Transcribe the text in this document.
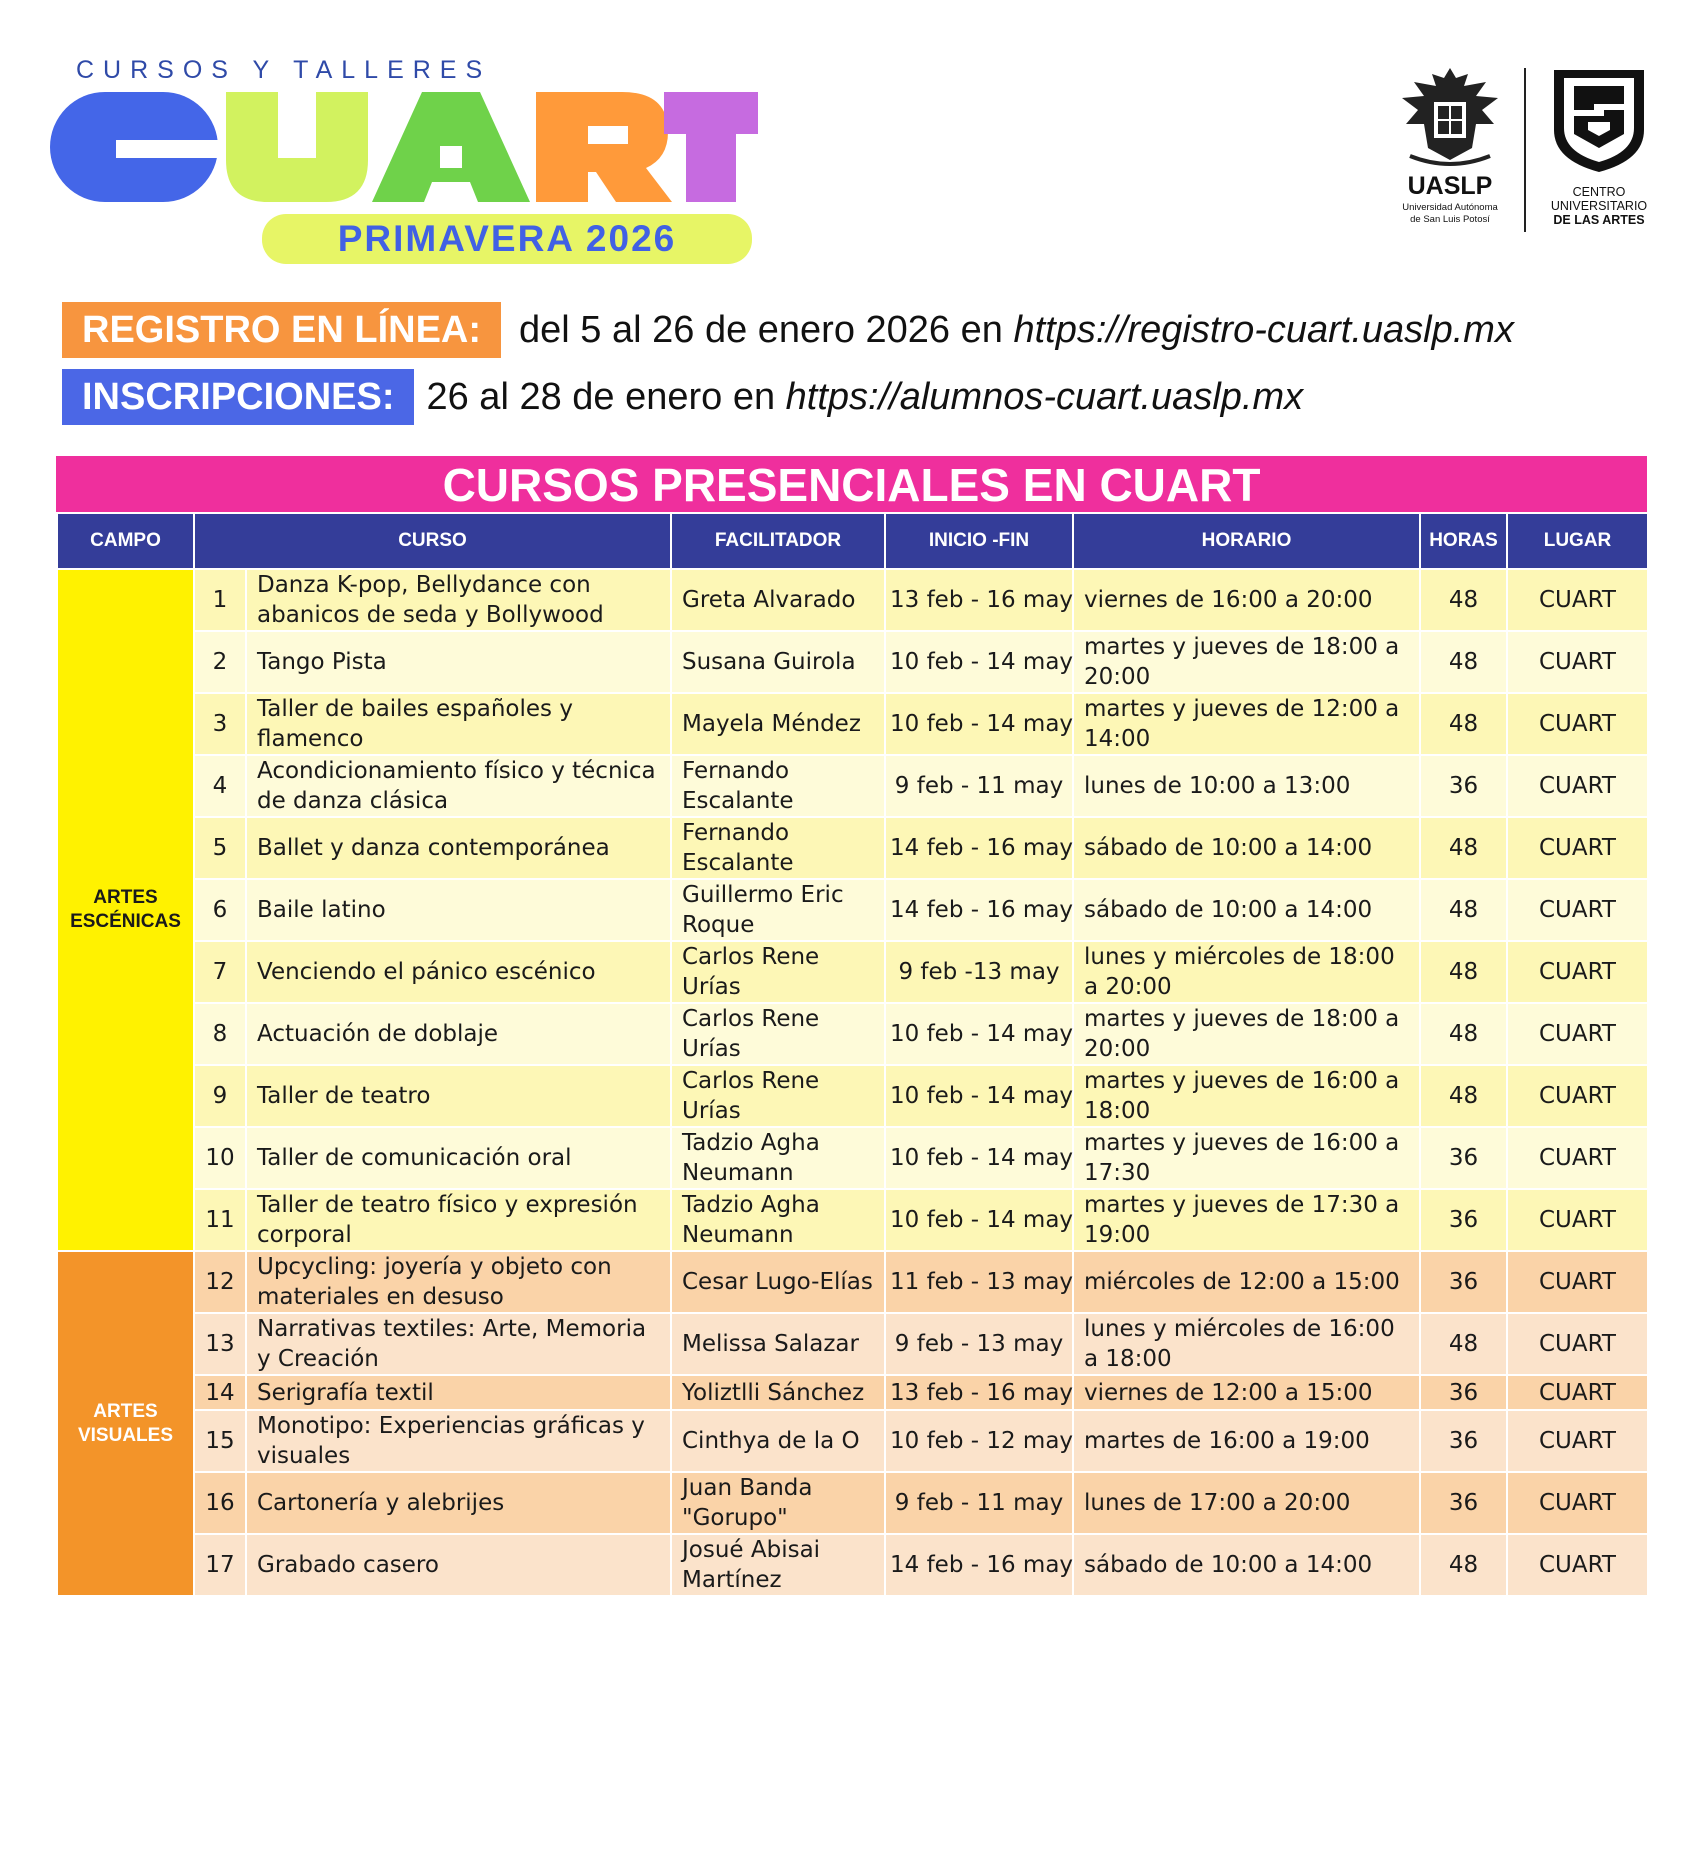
CURSOS Y TALLERES
PRIMAVERA 2026
UASLP
Universidad Autónoma
de San Luis Potosí
CENTRO
UNIVERSITARIO
DE LAS ARTES
REGISTRO EN LÍNEA:	del 5 al 26 de enero 2026 en https://registro-cuart.uaslp.mx
INSCRIPCIONES: 26 al 28 de enero en https://alumnos-cuart.uaslp.mx
CURSOS PRESENCIALES EN CUART
CAMPO	CURSO		FACILITADOR	INICIO -FIN	HORARIO	HORAS	LUGAR

ARTES
ESCÉNICAS	1	Danza K-pop, Bellydance con abanicos de seda y Bollywood	Greta Alvarado	13 feb - 16 may	viernes de 16:00 a 20:00	48	CUART
	2	Tango Pista	Susana Guirola	10 feb - 14 may	martes y jueves de 18:00 a 20:00	48	CUART
	3	Taller de bailes españoles y flamenco	Mayela Méndez	10 feb - 14 may	martes y jueves de 12:00 a 14:00	48	CUART
	4	Acondicionamiento físico y técnica de danza clásica	Fernando Escalante	9 feb - 11 may	lunes de 10:00 a 13:00	36	CUART
	5	Ballet y danza contemporánea	Fernando Escalante	14 feb - 16 may	sábado de 10:00 a 14:00	48	CUART
	6	Baile latino	Guillermo Eric Roque	14 feb - 16 may	sábado de 10:00 a 14:00	48	CUART
	7	Venciendo el pánico escénico	Carlos Rene Urías	9 feb -13 may	lunes y miércoles de 18:00 a 20:00	48	CUART
	8	Actuación de doblaje	Carlos Rene Urías	10 feb - 14 may	martes y jueves de 18:00 a 20:00	48	CUART
	9	Taller de teatro	Carlos Rene Urías	10 feb - 14 may	martes y jueves de 16:00 a 18:00	48	CUART
	10	Taller de comunicación oral	Tadzio Agha Neumann	10 feb - 14 may	martes y jueves de 16:00 a 17:30	36	CUART
	11	Taller de teatro físico y expresión corporal	Tadzio Agha Neumann	10 feb - 14 may	martes y jueves de 17:30 a 19:00	36	CUART

ARTES
VISUALES	12	Upcycling: joyería y objeto con materiales en desuso	Cesar Lugo-Elías	11 feb - 13 may	miércoles de 12:00 a 15:00	36	CUART
	13	Narrativas textiles: Arte, Memoria y Creación	Melissa Salazar	9 feb - 13 may	lunes y miércoles de 16:00 a 18:00	48	CUART
	14	Serigrafía textil	Yoliztlli Sánchez	13 feb - 16 may	viernes de 12:00 a 15:00	36	CUART
	15	Monotipo: Experiencias gráficas y visuales	Cinthya de la O	10 feb - 12 may	martes de 16:00 a 19:00	36	CUART
	16	Cartonería y alebrijes	Juan Banda "Gorupo"	9 feb - 11 may	lunes de 17:00 a 20:00	36	CUART
	17	Grabado casero	Josué Abisai Martínez	14 feb - 16 may	sábado de 10:00 a 14:00	48	CUART
